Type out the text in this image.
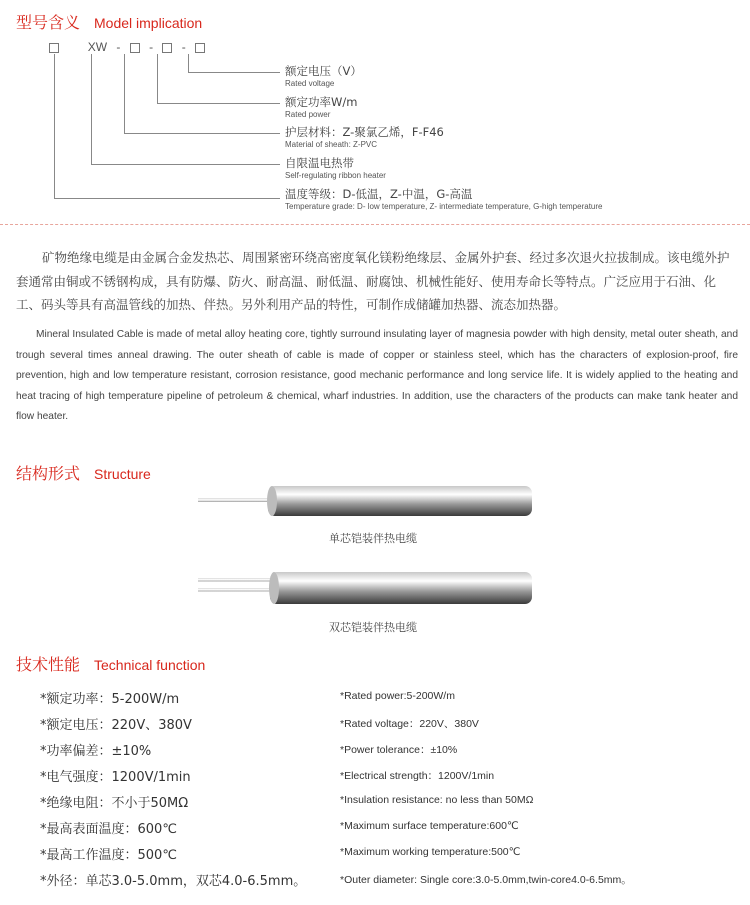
型号含义 Model implication
XW - - -
额定电压（V）
Rated voltage
额定功率W/m
Rated power
护层材料：Z-聚氯乙烯，F-F46
Material of sheath: Z-PVC
自限温电热带
Self-regulating ribbon heater
温度等级：D-低温，Z-中温，G-高温
Temperature grade: D- low temperature, Z- intermediate temperature, G-high temperature
矿物绝缘电缆是由金属合金发热芯、周围紧密环绕高密度氧化镁粉绝缘层、金属外护套、经过多次退火拉拔制成。该电缆外护套通常由铜或不锈钢构成，具有防爆、防火、耐高温、耐低温、耐腐蚀、机械性能好、使用寿命长等特点。广泛应用于石油、化工、码头等具有高温管线的加热、伴热。另外利用产品的特性，可制作成储罐加热器、流态加热器。
Mineral Insulated Cable is made of metal alloy heating core, tightly surround insulating layer of magnesia powder with high density, metal outer sheath, and trough several times anneal drawing. The outer sheath of cable is made of copper or stainless steel, which has the characters of explosion-proof, fire prevention, high and low temperature resistant, corrosion resistance, good mechanic performance and long service life. It is widely applied to the heating and heat tracing of high temperature pipeline of petroleum & chemical, wharf industries. In addition, use the characters of the products can make tank heater and flow heater.
结构形式 Structure
单芯铠装伴热电缆
双芯铠装伴热电缆
技术性能 Technical function
*额定功率：5-200W/m
*额定电压：220V、380V
*功率偏差：±10%
*电气强度：1200V/1min
*绝缘电阻：不小于50MΩ
*最高表面温度：600℃
*最高工作温度：500℃
*外径：单芯3.0-5.0mm，双芯4.0-6.5mm。
*Rated power:5-200W/m
*Rated voltage：220V、380V
*Power tolerance：±10%
*Electrical strength：1200V/1min
*Insulation resistance: no less than 50MΩ
*Maximum surface temperature:600℃
*Maximum working temperature:500℃
*Outer diameter: Single core:3.0-5.0mm,twin-core4.0-6.5mm。
